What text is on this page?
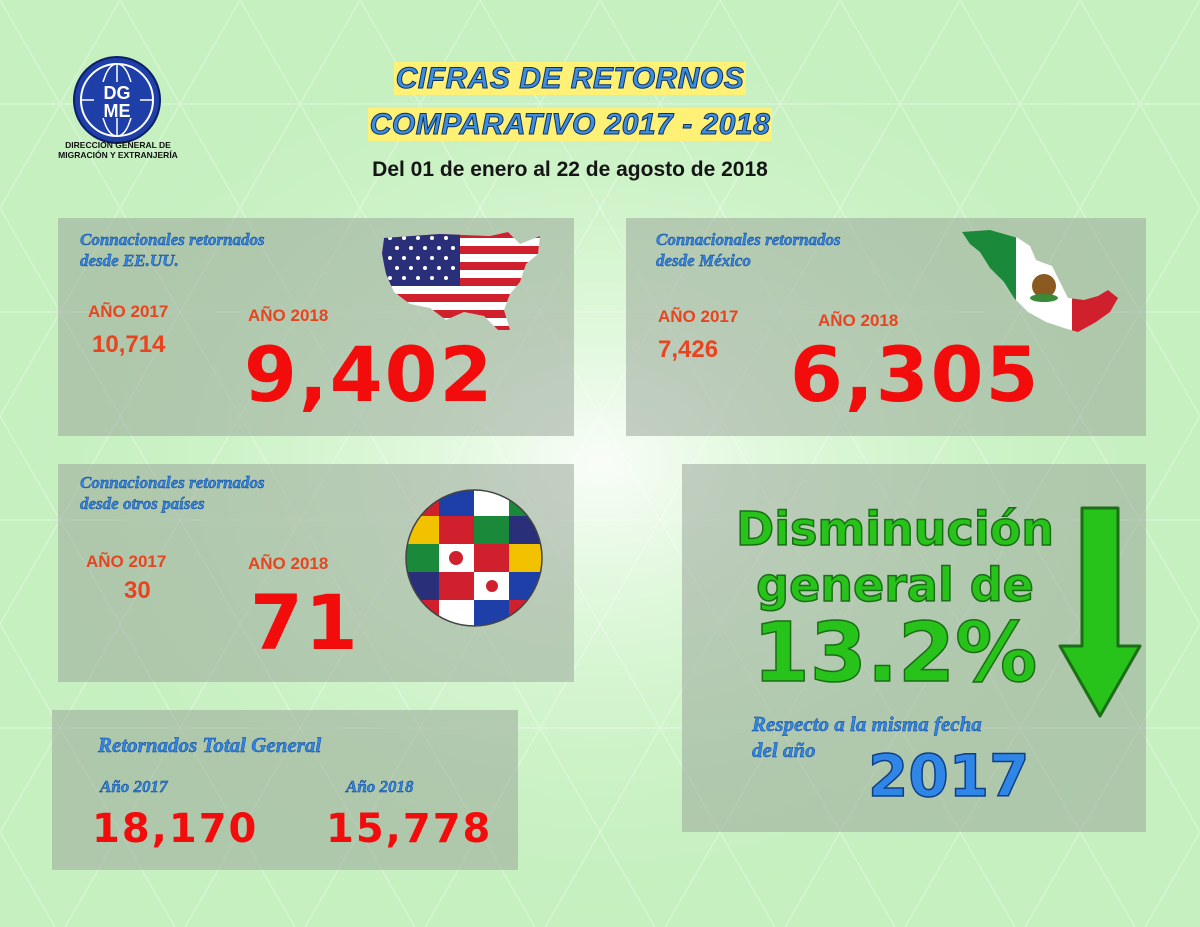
DG
ME
DIRECCIÓN GENERAL DE
MIGRACIÓN Y EXTRANJERÍA
CIFRAS DE RETORNOS
COMPARATIVO 2017 - 2018
Del 01 de enero al 22 de agosto de 2018
Connacionales retornados
desde EE.UU.
AÑO 2017
10,714
AÑO 2018
9,402
Connacionales retornados
desde México
AÑO 2017
7,426
AÑO 2018
6,305
Connacionales retornados
desde otros países
AÑO 2017
30
AÑO 2018
71
Retornados Total General
Año 2017	Año 2018
18,170 15,778
Disminución
general de
13.2%
Respecto a la misma fecha
del año 2017
